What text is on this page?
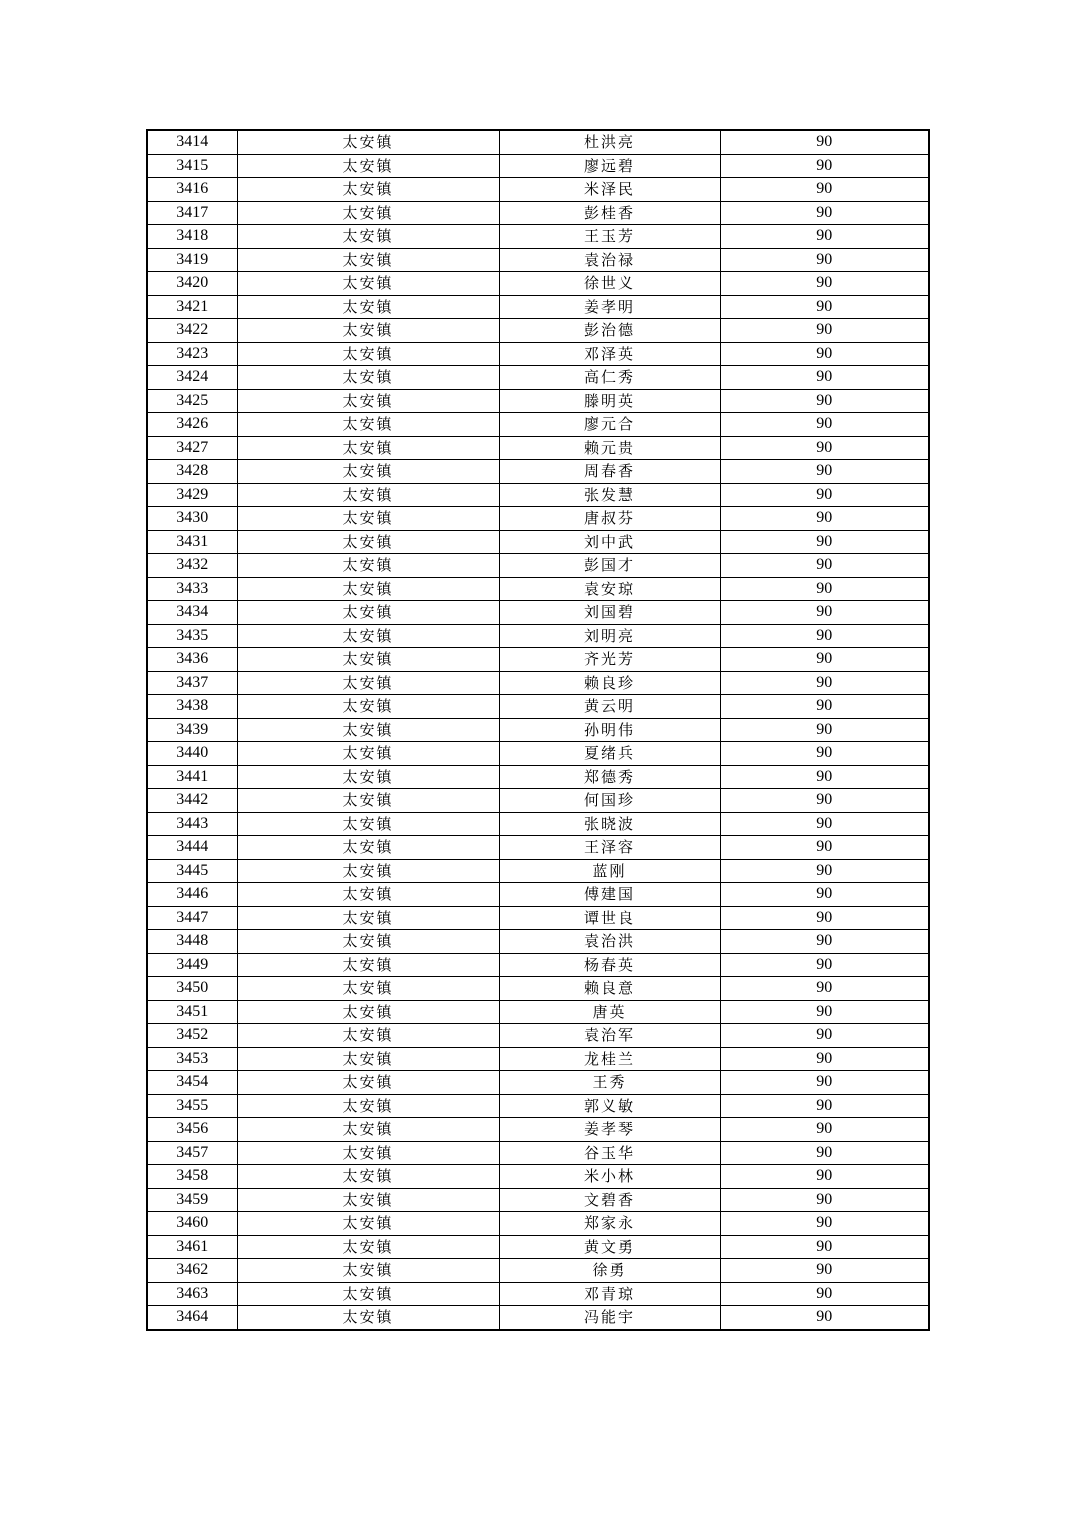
3414	太安镇	杜洪亮	90
3415	太安镇	廖远碧	90
3416	太安镇	米泽民	90
3417	太安镇	彭桂香	90
3418	太安镇	王玉芳	90
3419	太安镇	袁治禄	90
3420	太安镇	徐世义	90
3421	太安镇	姜孝明	90
3422	太安镇	彭治德	90
3423	太安镇	邓泽英	90
3424	太安镇	高仁秀	90
3425	太安镇	滕明英	90
3426	太安镇	廖元合	90
3427	太安镇	赖元贵	90
3428	太安镇	周春香	90
3429	太安镇	张发慧	90
3430	太安镇	唐叔芬	90
3431	太安镇	刘中武	90
3432	太安镇	彭国才	90
3433	太安镇	袁安琼	90
3434	太安镇	刘国碧	90
3435	太安镇	刘明亮	90
3436	太安镇	齐光芳	90
3437	太安镇	赖良珍	90
3438	太安镇	黄云明	90
3439	太安镇	孙明伟	90
3440	太安镇	夏绪兵	90
3441	太安镇	郑德秀	90
3442	太安镇	何国珍	90
3443	太安镇	张晓波	90
3444	太安镇	王泽容	90
3445	太安镇	蓝刚	90
3446	太安镇	傅建国	90
3447	太安镇	谭世良	90
3448	太安镇	袁治洪	90
3449	太安镇	杨春英	90
3450	太安镇	赖良意	90
3451	太安镇	唐英	90
3452	太安镇	袁治军	90
3453	太安镇	龙桂兰	90
3454	太安镇	王秀	90
3455	太安镇	郭义敏	90
3456	太安镇	姜孝琴	90
3457	太安镇	谷玉华	90
3458	太安镇	米小林	90
3459	太安镇	文碧香	90
3460	太安镇	郑家永	90
3461	太安镇	黄文勇	90
3462	太安镇	徐勇	90
3463	太安镇	邓青琼	90
3464	太安镇	冯能宇	90
